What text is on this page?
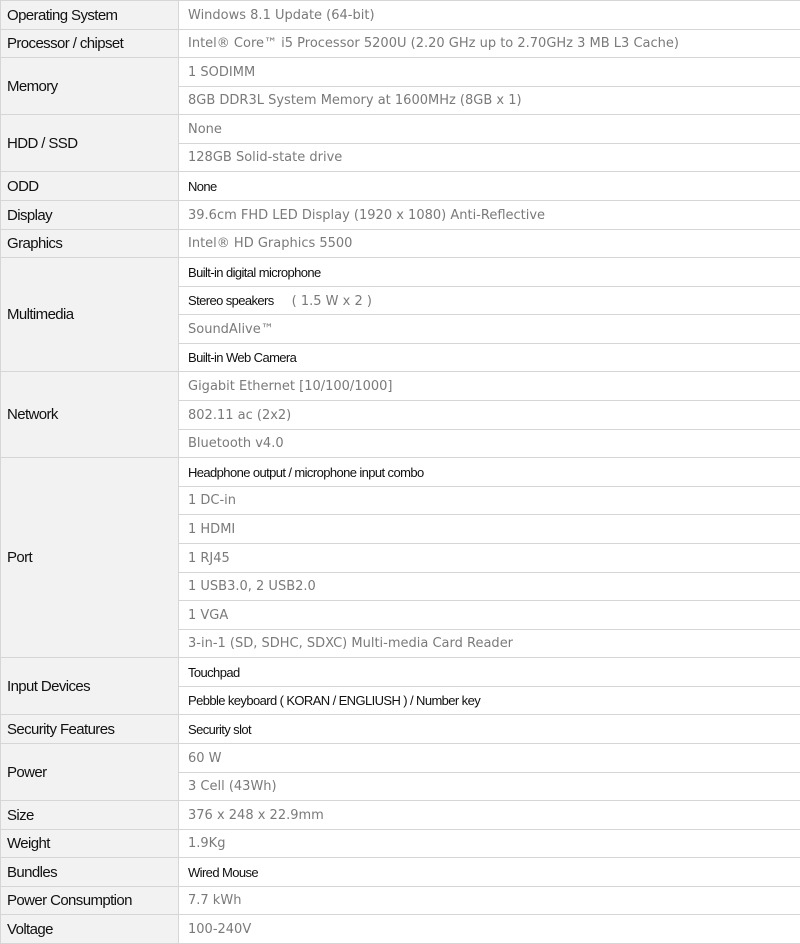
Operating System	Windows 8.1 Update (64-bit)
Processor / chipset	Intel® Core™ i5 Processor 5200U (2.20 GHz up to 2.70GHz 3 MB L3 Cache)
Memory	1 SODIMM
	8GB DDR3L System Memory at 1600MHz (8GB x 1)
HDD / SSD	None
	128GB Solid-state drive
ODD	None
Display	39.6cm FHD LED Display (1920 x 1080) Anti-Reflective
Graphics	Intel® HD Graphics 5500
Multimedia	Built-in digital microphone
	Stereo speakers ( 1.5 W x 2 )
	SoundAlive™
	Built-in Web Camera
Network	Gigabit Ethernet [10/100/1000]
	802.11 ac (2x2)
	Bluetooth v4.0
Port	Headphone output / microphone input combo
	1 DC-in
	1 HDMI
	1 RJ45
	1 USB3.0, 2 USB2.0
	1 VGA
	3-in-1 (SD, SDHC, SDXC) Multi-media Card Reader
Input Devices	Touchpad
	Pebble keyboard ( KORAN / ENGLIUSH ) / Number key
Security Features	Security slot
Power	60 W
	3 Cell (43Wh)
Size	376 x 248 x 22.9mm
Weight	1.9Kg
Bundles	Wired Mouse
Power Consumption	7.7 kWh
Voltage	100-240V
